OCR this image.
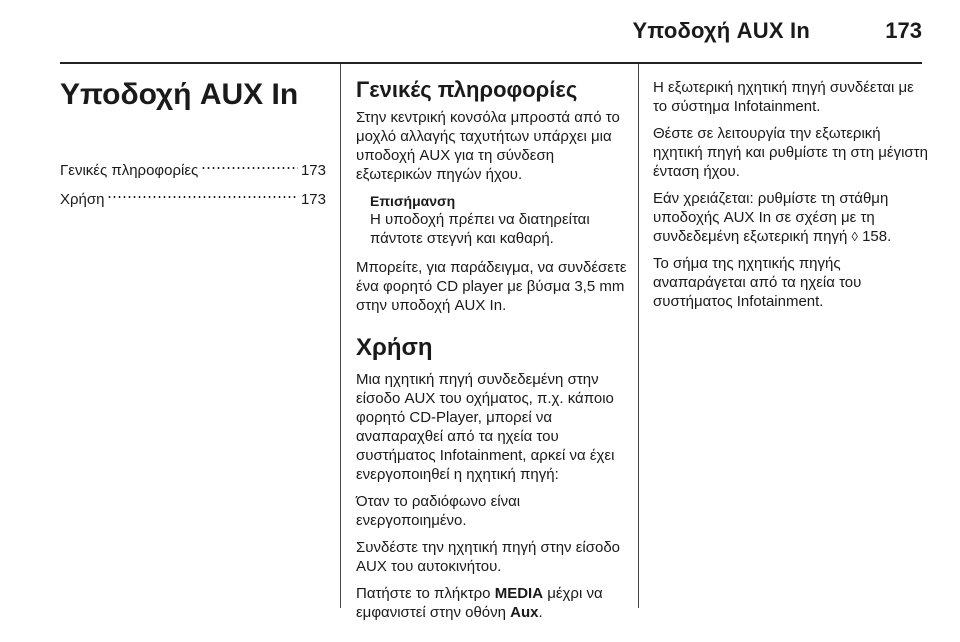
Υποδοχή AUX In	173
Υποδοχή AUX In
Γενικές πληροφορίες	173
Χρήση	173
Γενικές πληροφορίες

Στην κεντρική κονσόλα μπροστά από το μοχλό αλλαγής ταχυτήτων υπάρχει μια υποδοχή AUX για τη σύνδεση εξωτερικών πηγών ήχου.

Επισήμανση
Η υποδοχή πρέπει να διατηρείται πάντοτε στεγνή και καθαρή.

Μπορείτε, για παράδειγμα, να συνδέσετε ένα φορητό CD player με βύσμα 3,5 mm στην υποδοχή AUX In.

Χρήση

Μια ηχητική πηγή συνδεδεμένη στην είσοδο AUX του οχήματος, π.χ. κάποιο φορητό CD-Player, μπορεί να αναπαραχθεί από τα ηχεία του συστήματος Infotainment, αρκεί να έχει ενεργοποιηθεί η ηχητική πηγή:

Όταν το ραδιόφωνο είναι ενεργοποιημένο.

Συνδέστε την ηχητική πηγή στην είσοδο AUX του αυτοκινήτου.

Πατήστε το πλήκτρο MEDIA μέχρι να εμφανιστεί στην οθόνη Aux.

Η εξωτερική ηχητική πηγή συνδέεται με το σύστημα Infotainment.

Θέστε σε λειτουργία την εξωτερική ηχητική πηγή και ρυθμίστε τη στη μέγιστη ένταση ήχου.

Εάν χρειάζεται: ρυθμίστε τη στάθμη υποδοχής AUX In σε σχέση με τη συνδεδεμένη εξωτερική πηγή ◊ 158.

Το σήμα της ηχητικής πηγής αναπαράγεται από τα ηχεία του συστήματος Infotainment.
